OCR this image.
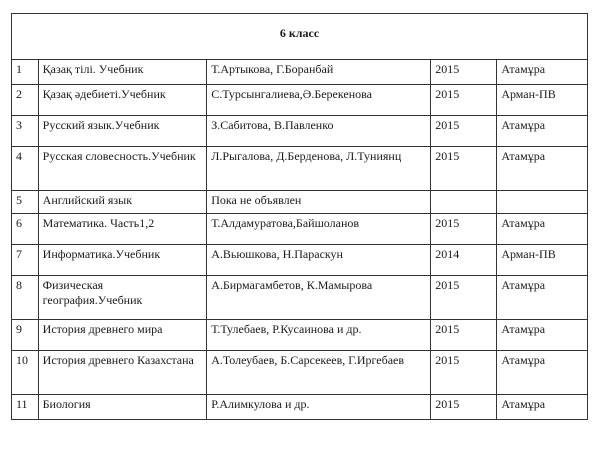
6 класс				
1	Қазақ тілі. Учебник	Т.Артыкова, Г.Боранбай	2015	Атамұра
2	Қазақ әдебиеті.Учебник	С.Турсынгалиева,Ә.Берекенова	2015	Арман-ПВ
3	Русский язык.Учебник	З.Сабитова, В.Павленко	2015	Атамұра
4	Русская словесность.Учебник	Л.Рыгалова, Д.Берденова, Л.Туниянц	2015	Атамұра
5	Английский язык	Пока не объявлен		
6	Математика. Часть1,2	Т.Алдамуратова,Байшоланов	2015	Атамұра
7	Информатика.Учебник	А.Вьюшкова, Н.Параскун	2014	Арман-ПВ
8	Физическая география.Учебник	А.Бирмагамбетов, К.Мамырова	2015	Атамұра
9	История древнего мира	Т.Тулебаев, Р.Кусаинова и др.	2015	Атамұра
10	История древнего Казахстана	А.Толеубаев, Б.Сарсекеев, Г.Иргебаев	2015	Атамұра
11	Биология	Р.Алимкулова и др.	2015	Атамұра
